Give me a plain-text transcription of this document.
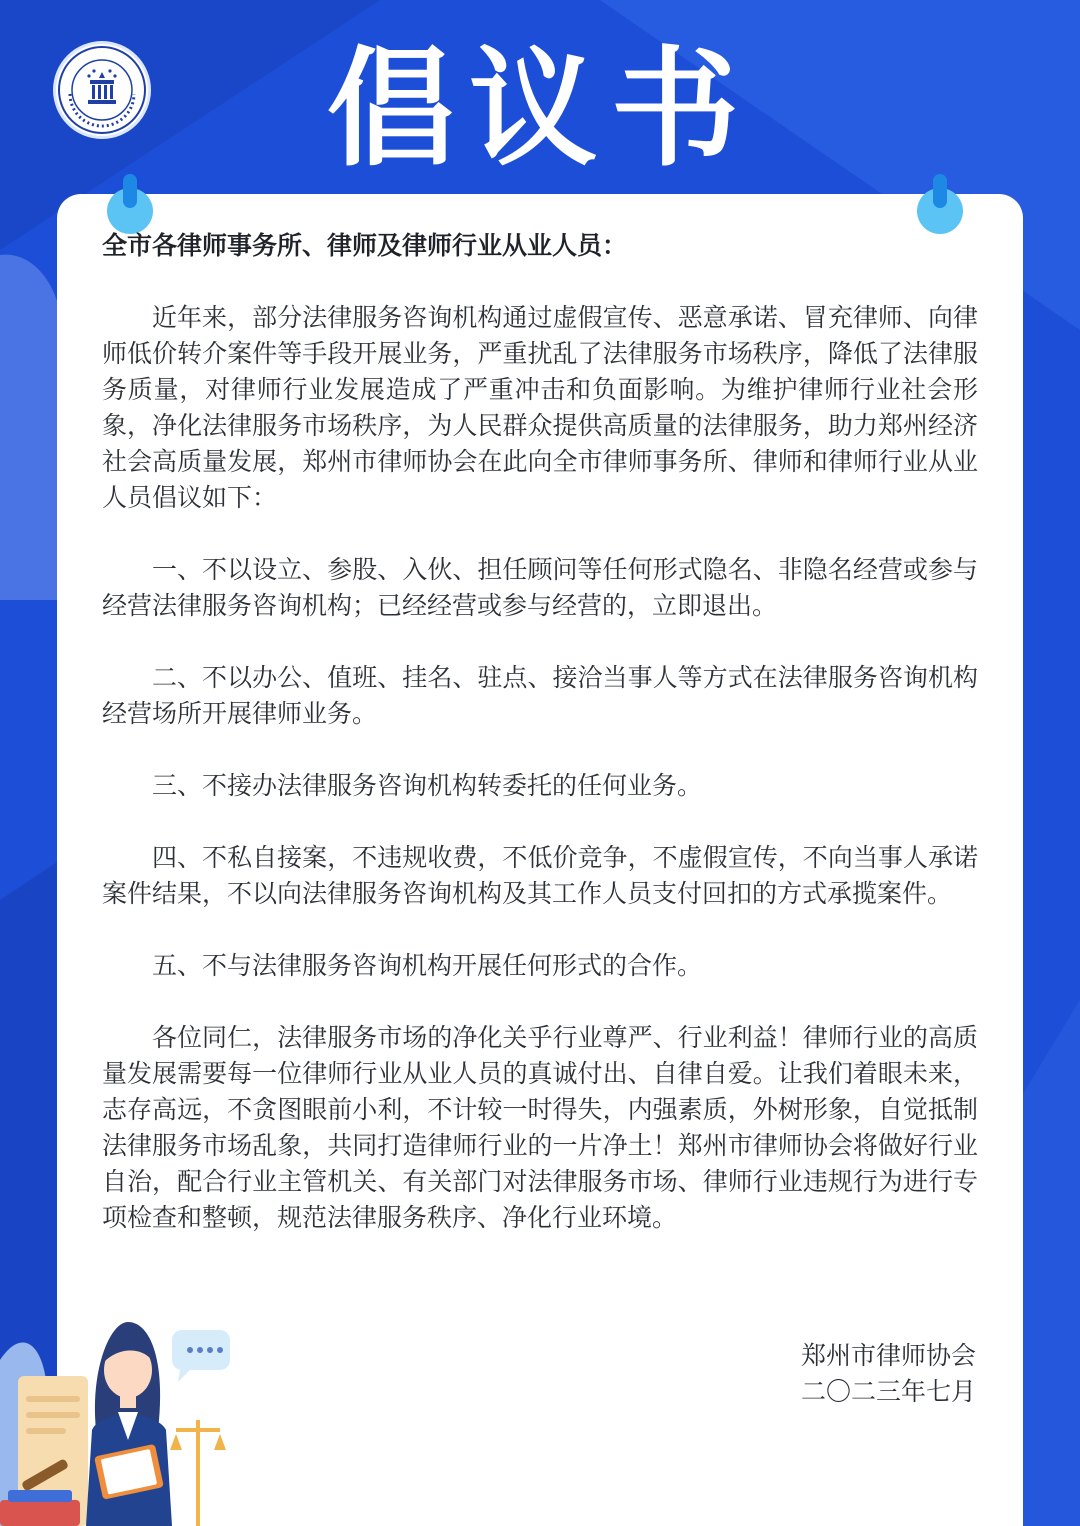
倡议书

全市各律师事务所、律师及律师行业从业人员：

近年来，部分法律服务咨询机构通过虚假宣传、恶意承诺、冒充律师、向律师低价转介案件等手段开展业务，严重扰乱了法律服务市场秩序，降低了法律服务质量，对律师行业发展造成了严重冲击和负面影响。为维护律师行业社会形象，净化法律服务市场秩序，为人民群众提供高质量的法律服务，助力郑州经济社会高质量发展，郑州市律师协会在此向全市律师事务所、律师和律师行业从业人员倡议如下：

一、不以设立、参股、入伙、担任顾问等任何形式隐名、非隐名经营或参与经营法律服务咨询机构；已经经营或参与经营的，立即退出。

二、不以办公、值班、挂名、驻点、接洽当事人等方式在法律服务咨询机构经营场所开展律师业务。

三、不接办法律服务咨询机构转委托的任何业务。

四、不私自接案，不违规收费，不低价竞争，不虚假宣传，不向当事人承诺案件结果，不以向法律服务咨询机构及其工作人员支付回扣的方式承揽案件。

五、不与法律服务咨询机构开展任何形式的合作。

各位同仁，法律服务市场的净化关乎行业尊严、行业利益！律师行业的高质量发展需要每一位律师行业从业人员的真诚付出、自律自爱。让我们着眼未来，志存高远，不贪图眼前小利，不计较一时得失，内强素质，外树形象，自觉抵制法律服务市场乱象，共同打造律师行业的一片净土！郑州市律师协会将做好行业自治，配合行业主管机关、有关部门对法律服务市场、律师行业违规行为进行专项检查和整顿，规范法律服务秩序、净化行业环境。

郑州市律师协会
二〇二三年七月
